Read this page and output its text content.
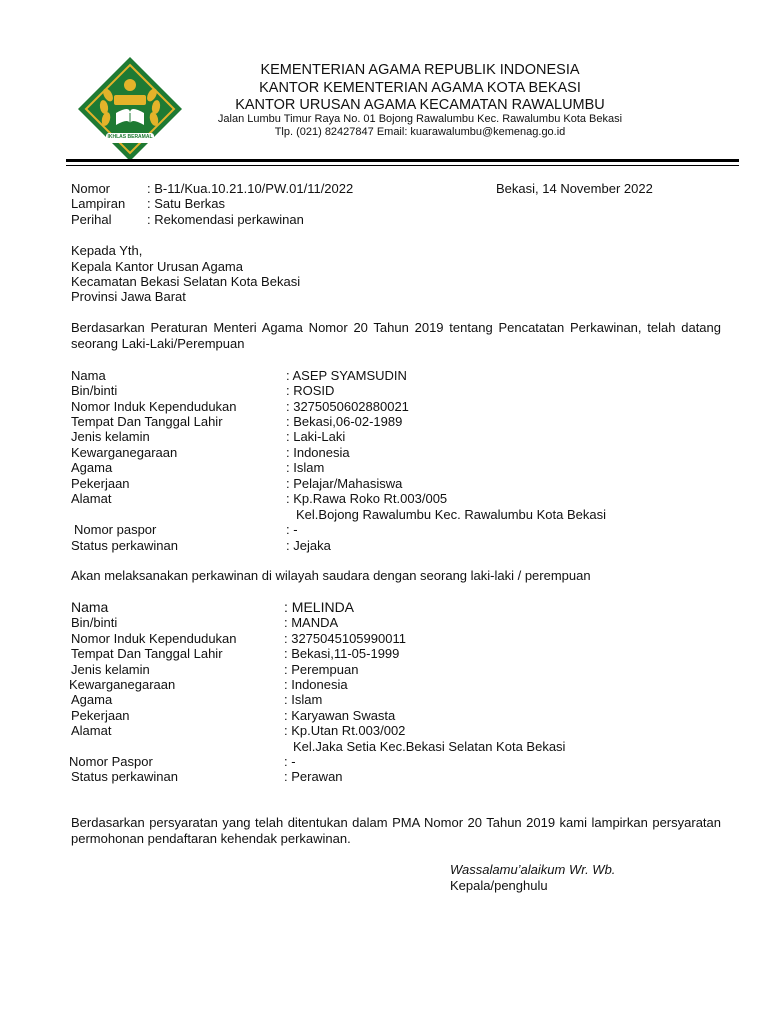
IKHLAS BERAMAL
KEMENTERIAN AGAMA REPUBLIK INDONESIA
KANTOR KEMENTERIAN AGAMA KOTA BEKASI
KANTOR URUSAN AGAMA KECAMATAN RAWALUMBU
Jalan Lumbu Timur Raya No. 01 Bojong Rawalumbu Kec. Rawalumbu Kota Bekasi
Tlp. (021) 82427847 Email: kuarawalumbu@kemenag.go.id
Nomor	: B-11/Kua.10.21.10/PW.01/11/2022	Bekasi, 14 November 2022
Lampiran : Satu Berkas
Perihal	: Rekomendasi perkawinan
Kepada Yth,
Kepala Kantor Urusan Agama
Kecamatan Bekasi Selatan Kota Bekasi
Provinsi Jawa Barat
Berdasarkan Peraturan Menteri Agama Nomor 20 Tahun 2019 tentang Pencatatan Perkawinan, telah datang seorang Laki-Laki/Perempuan
Nama	: ASEP SYAMSUDIN
Bin/binti	: ROSID
Nomor Induk Kependudukan	: 3275050602880021
Tempat Dan Tanggal Lahir	: Bekasi,06-02-1989
Jenis kelamin	: Laki-Laki
Kewarganegaraan	: Indonesia
Agama	: Islam
Pekerjaan	: Pelajar/Mahasiswa
Alamat	: Kp.Rawa Roko Rt.003/005
Kel.Bojong Rawalumbu Kec. Rawalumbu Kota Bekasi
Nomor paspor	: -
Status perkawinan	: Jejaka
Akan melaksanakan perkawinan di wilayah saudara dengan seorang laki-laki / perempuan
Nama	: MELINDA
Bin/binti	: MANDA
Nomor Induk Kependudukan	: 3275045105990011
Tempat Dan Tanggal Lahir	: Bekasi,11-05-1999
Jenis kelamin	: Perempuan
Kewarganegaraan	: Indonesia
Agama	: Islam
Pekerjaan	: Karyawan Swasta
Alamat	: Kp.Utan Rt.003/002
Kel.Jaka Setia Kec.Bekasi Selatan Kota Bekasi
Nomor Paspor	: -
Status perkawinan	: Perawan
Berdasarkan persyaratan yang telah ditentukan dalam PMA Nomor 20 Tahun 2019 kami lampirkan persyaratan permohonan pendaftaran kehendak perkawinan.
Wassalamu’alaikum Wr. Wb.
Kepala/penghulu
